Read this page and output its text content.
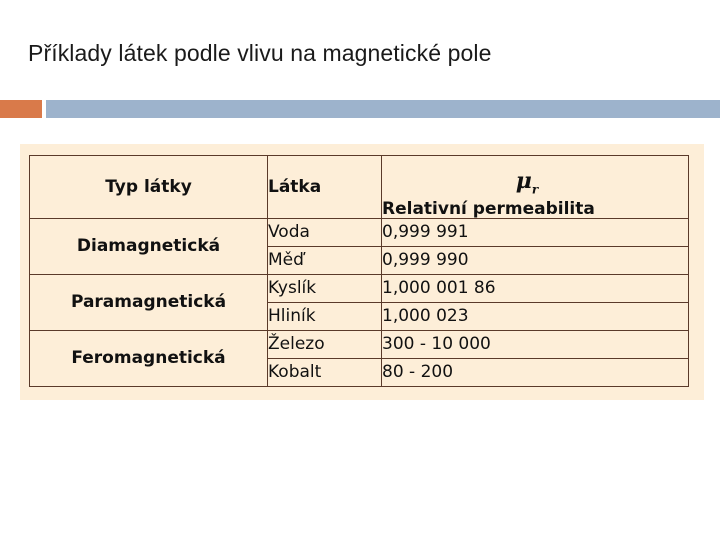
Příklady látek podle vlivu na magnetické pole
Typ látky	Látka	$\mu_r$
Relativní permeabilita
Diamagnetická	Voda	0,999 991
	Měď	0,999 990
Paramagnetická	Kyslík	1,000 001 86
	Hliník	1,000 023
Feromagnetická	Železo	300 - 10 000
	Kobalt	80 - 200
